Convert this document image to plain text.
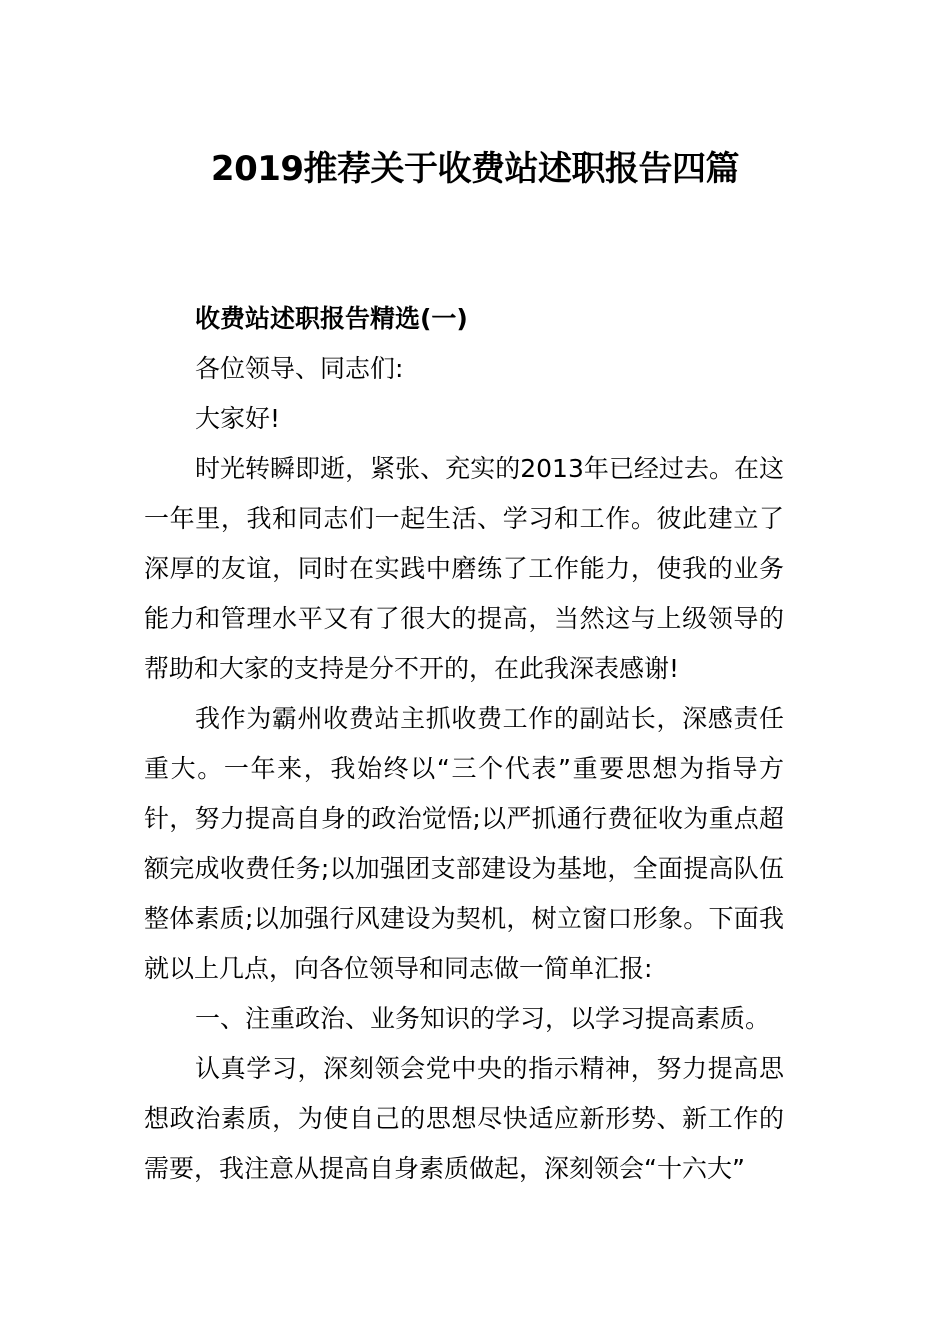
2019推荐关于收费站述职报告四篇

收费站述职报告精选(一)

各位领导、同志们:

大家好!

时光转瞬即逝，紧张、充实的2013年已经过去。在这一年里，我和同志们一起生活、学习和工作。彼此建立了深厚的友谊，同时在实践中磨练了工作能力，使我的业务能力和管理水平又有了很大的提高，当然这与上级领导的帮助和大家的支持是分不开的，在此我深表感谢!

我作为霸州收费站主抓收费工作的副站长，深感责任重大。一年来，我始终以“三个代表”重要思想为指导方针，努力提高自身的政治觉悟;以严抓通行费征收为重点超额完成收费任务;以加强团支部建设为基地，全面提高队伍整体素质;以加强行风建设为契机，树立窗口形象。下面我就以上几点，向各位领导和同志做一简单汇报:

一、注重政治、业务知识的学习，以学习提高素质。

认真学习，深刻领会党中央的指示精神，努力提高思想政治素质，为使自己的思想尽快适应新形势、新工作的需要，我注意从提高自身素质做起，深刻领会“十六大”
